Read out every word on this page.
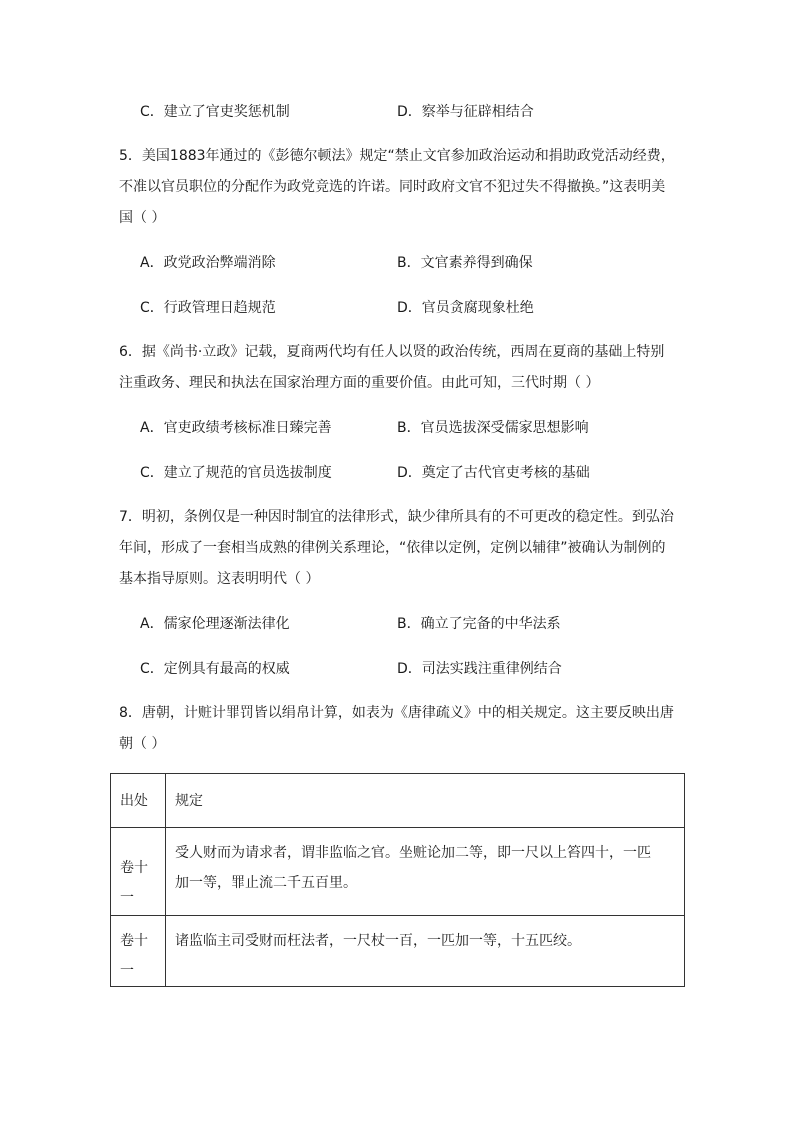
C．建立了官吏奖惩机制	D．察举与征辟相结合
5．美国1883年通过的《彭德尔顿法》规定“禁止文官参加政治运动和捐助政党活动经费，
不准以官员职位的分配作为政党竞选的许诺。同时政府文官不犯过失不得撤换。”这表明美
国（ ）
A．政党政治弊端消除	B．文官素养得到确保
C．行政管理日趋规范	D．官员贪腐现象杜绝
6．据《尚书·立政》记载，夏商两代均有任人以贤的政治传统，西周在夏商的基础上特别
注重政务、理民和执法在国家治理方面的重要价值。由此可知，三代时期（ ）
A．官吏政绩考核标准日臻完善	B．官员选拔深受儒家思想影响
C．建立了规范的官员选拔制度	D．奠定了古代官吏考核的基础
7．明初，条例仅是一种因时制宜的法律形式，缺少律所具有的不可更改的稳定性。到弘治
年间，形成了一套相当成熟的律例关系理论，“依律以定例，定例以辅律”被确认为制例的
基本指导原则。这表明明代（ ）
A．儒家伦理逐渐法律化	B．确立了完备的中华法系
C．定例具有最高的权威	D．司法实践注重律例结合
8．唐朝，计赃计罪罚皆以绢帛计算，如表为《唐律疏义》中的相关规定。这主要反映出唐
朝（ ）
出处	规定
卷十一	受人财而为请求者，谓非监临之官。坐赃论加二等，即一尺以上笞四十，一匹
加一等，罪止流二千五百里。

卷十一	诸监临主司受财而枉法者，一尺杖一百，一匹加一等，十五匹绞。
